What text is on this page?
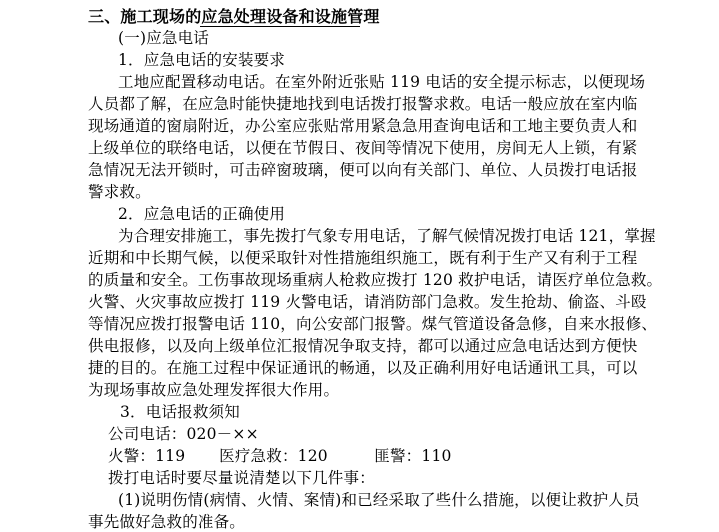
三、施工现场的应急处理设备和设施管理
(一)应急电话
1．应急电话的安装要求
工地应配置移动电话。在室外附近张贴 119 电话的安全提示标志，以便现场
人员都了解，在应急时能快捷地找到电话拨打报警求救。电话一般应放在室内临
现场通道的窗扇附近，办公室应张贴常用紧急急用查询电话和工地主要负责人和
上级单位的联络电话，以便在节假日、夜间等情况下使用，房间无人上锁，有紧
急情况无法开锁时，可击碎窗玻璃，便可以向有关部门、单位、人员拨打电话报
警求救。
2．应急电话的正确使用
为合理安排施工，事先拨打气象专用电话，了解气候情况拨打电话 121，掌握
近期和中长期气候，以便采取针对性措施组织施工，既有利于生产又有利于工程
的质量和安全。工伤事故现场重病人枪救应拨打 120 救护电话，请医疗单位急救。
火警、火灾事故应拨打 119 火警电话，请消防部门急救。发生抢劫、偷盗、斗殴
等情况应拨打报警电话 110，向公安部门报警。煤气管道设备急修，自来水报修、
供电报修，以及向上级单位汇报情况争取支持，都可以通过应急电话达到方便快
捷的目的。在施工过程中保证通讯的畅通，以及正确利用好电话通讯工具，可以
为现场事故应急处理发挥很大作用。
3．电话报救须知
公司电话：020－××
火警：119 医疗急救：120	匪警：110
拨打电话时要尽量说清楚以下几件事：
(1)说明伤情(病情、火情、案情)和已经采取了些什么措施，以便让救护人员
事先做好急救的准备。
